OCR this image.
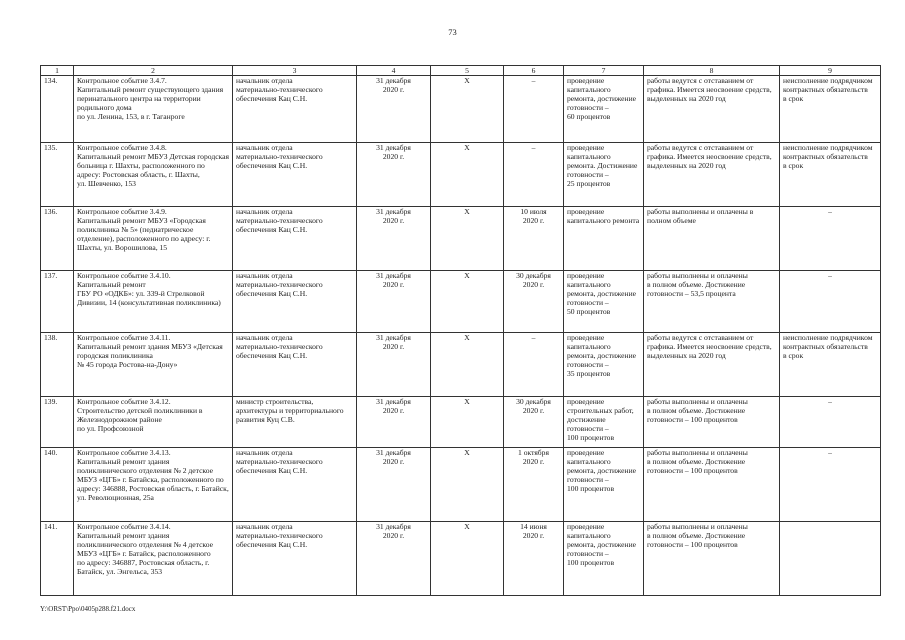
73
1	2	3	4	5	6	7	8	9
134.	Контрольное событие 3.4.7.
Капитальный ремонт существующего здания перинатального центра на территории родильного дома
по ул. Ленина, 153, в г. Таганроге	начальник отдела
материально-технического обеспечения Кац С.Н.	31 декабря
2020 г.	Х	–	проведение капитального ремонта, достижение готовности –
60 процентов	работы ведутся с отставанием от графика. Имеется неосвоение средств, выделенных на 2020 год	неисполнение подрядчиком контрактных обязательств
в срок
135.	Контрольное событие 3.4.8.
Капитальный ремонт МБУЗ Детская городская больница г. Шахты, расположенного по адресу: Ростовская область, г. Шахты,
ул. Шевченко, 153	начальник отдела
материально-технического обеспечения Кац С.Н.	31 декабря
2020 г.	Х	–	проведение капитального ремонта. Достижение готовности –
25 процентов	работы ведутся с отставанием от графика. Имеется неосвоение средств, выделенных на 2020 год	неисполнение подрядчиком контрактных обязательств
в срок
136.	Контрольное событие 3.4.9.
Капитальный ремонт МБУЗ «Городская поликлиника № 5» (педиатрическое отделение), расположенного по адресу: г. Шахты, ул. Ворошилова, 15	начальник отдела
материально-технического обеспечения Кац С.Н.	31 декабря
2020 г.	Х	10 июля
2020 г.	проведение капитального ремонта	работы выполнены и оплачены в полном объеме	–
137.	Контрольное событие 3.4.10.
Капитальный ремонт
ГБУ РО «ОДКБ»: ул. 339-й Стрелковой Дивизии, 14 (консультативная поликлиника)	начальник отдела
материально-технического обеспечения Кац С.Н.	31 декабря
2020 г.	Х	30 декабря
2020 г.	проведение капитального ремонта, достижение готовности –
50 процентов	работы выполнены и оплачены
в полном объеме. Достижение готовности – 53,5 процента	–
138.	Контрольное событие 3.4.11.
Капитальный ремонт здания МБУЗ «Детская городская поликлиника
№ 45 города Ростова-на-Дону»	начальник отдела
материально-технического обеспечения Кац С.Н.	31 декабря
2020 г.	Х	–	проведение капитального ремонта, достижение готовности –
35 процентов	работы ведутся с отставанием от графика. Имеется неосвоение средств, выделенных на 2020 год	неисполнение подрядчиком контрактных обязательств
в срок
139.	Контрольное событие 3.4.12.
Строительство детской поликлиники в Железнодорожном районе
по ул. Профсоюзной	министр строительства, архитектуры и территориального развития Куц С.В.	31 декабря
2020 г.	Х	30 декабря
2020 г.	проведение строительных работ, достижение готовности –
100 процентов	работы выполнены и оплачены
в полном объеме. Достижение готовности – 100 процентов	–
140.	Контрольное событие 3.4.13.
Капитальный ремонт здания поликлинического отделения № 2 детское МБУЗ «ЦГБ» г. Батайска, расположенного по адресу: 346888, Ростовская область, г. Батайск,
ул. Революционная, 25а	начальник отдела
материально-технического обеспечения Кац С.Н.	31 декабря
2020 г.	Х	1 октября
2020 г.	проведение капитального ремонта, достижение готовности –
100 процентов	работы выполнены и оплачены
в полном объеме. Достижение готовности – 100 процентов	–
141.	Контрольное событие 3.4.14.
Капитальный ремонт здания поликлинического отделения № 4 детское МБУЗ «ЦГБ» г. Батайск, расположенного
по адресу: 346887, Ростовская область, г. Батайск, ул. Энгельса, 353	начальник отдела
материально-технического обеспечения Кац С.Н.	31 декабря
2020 г.	Х	14 июня
2020 г.	проведение капитального ремонта, достижение готовности –
100 процентов	работы выполнены и оплачены
в полном объеме. Достижение готовности – 100 процентов	
Y:\ORST\Ppo\0405p288.f21.docx
